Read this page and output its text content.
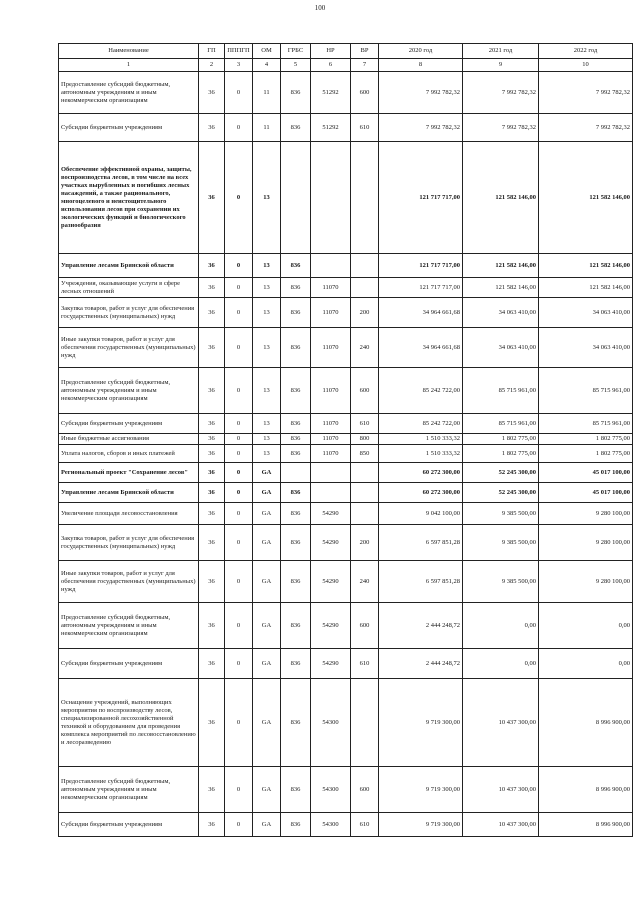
100
Наименование	ГП	ПППГП	ОМ	ГРБС	НР	ВР	2020 год	2021 год	2022 год
1	2	3	4	5	6	7	8	9	10
Предоставление субсидий бюджетным, автономным учреждениям и иным некоммерческим организациям	36	0	11	836	51292	600	7 992 782,32	7 992 782,32	7 992 782,32
Субсидии бюджетным учреждениям	36	0	11	836	51292	610	7 992 782,32	7 992 782,32	7 992 782,32
Обеспечение эффективной охраны, защиты, воспроизводства лесов, в том числе на всех участках вырубленных и погибших лесных насаждений, а также рационального, многоцелевого и неистощительного использования лесов при сохранении их экологических функций и биологического разнообразия	36	0	13				121 717 717,00	121 582 146,00	121 582 146,00
Управление лесами Брянской области	36	0	13	836			121 717 717,00	121 582 146,00	121 582 146,00
Учреждения, оказывающие услуги в сфере лесных отношений	36	0	13	836	11070		121 717 717,00	121 582 146,00	121 582 146,00
Закупка товаров, работ и услуг для обеспечения государственных (муниципальных) нужд	36	0	13	836	11070	200	34 964 661,68	34 063 410,00	34 063 410,00
Иные закупки товаров, работ и услуг для обеспечения государственных (муниципальных) нужд	36	0	13	836	11070	240	34 964 661,68	34 063 410,00	34 063 410,00
Предоставление субсидий бюджетным, автономным учреждениям и иным некоммерческим организациям	36	0	13	836	11070	600	85 242 722,00	85 715 961,00	85 715 961,00
Субсидии бюджетным учреждениям	36	0	13	836	11070	610	85 242 722,00	85 715 961,00	85 715 961,00
Иные бюджетные ассигнования	36	0	13	836	11070	800	1 510 333,32	1 802 775,00	1 802 775,00
Уплата налогов, сборов и иных платежей	36	0	13	836	11070	850	1 510 333,32	1 802 775,00	1 802 775,00
Региональный проект "Сохранение лесов"	36	0	GA				60 272 300,00	52 245 300,00	45 017 100,00
Управление лесами Брянской области	36	0	GA	836			60 272 300,00	52 245 300,00	45 017 100,00
Увеличение площади лесовосстановления	36	0	GA	836	54290		9 042 100,00	9 385 500,00	9 280 100,00
Закупка товаров, работ и услуг для обеспечения государственных (муниципальных) нужд	36	0	GA	836	54290	200	6 597 851,28	9 385 500,00	9 280 100,00
Иные закупки товаров, работ и услуг для обеспечения государственных (муниципальных) нужд	36	0	GA	836	54290	240	6 597 851,28	9 385 500,00	9 280 100,00
Предоставление субсидий бюджетным, автономным учреждениям и иным некоммерческим организациям	36	0	GA	836	54290	600	2 444 248,72	0,00	0,00
Субсидии бюджетным учреждениям	36	0	GA	836	54290	610	2 444 248,72	0,00	0,00
Оснащение учреждений, выполняющих мероприятия по воспроизводству лесов, специализированной лесохозяйственной техникой и оборудованием для проведения комплекса мероприятий по лесовосстановлению и лесоразведению	36	0	GA	836	54300		9 719 300,00	10 437 300,00	8 996 900,00
Предоставление субсидий бюджетным, автономным учреждениям и иным некоммерческим организациям	36	0	GA	836	54300	600	9 719 300,00	10 437 300,00	8 996 900,00
Субсидии бюджетным учреждениям	36	0	GA	836	54300	610	9 719 300,00	10 437 300,00	8 996 900,00
